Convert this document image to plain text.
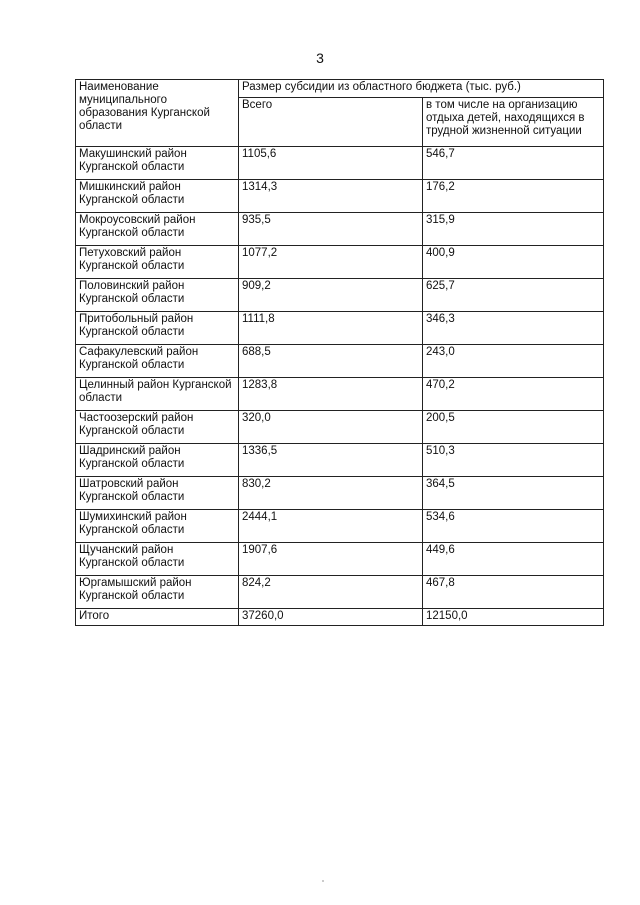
3
Наименование муниципального образования Курганской области	Размер субсидии из областного бюджета (тыс. руб.)	
	Всего	в том числе на организацию отдыха детей, находящихся в трудной жизненной ситуации
Макушинский район Курганской области	1105,6	546,7
Мишкинский район Курганской области	1314,3	176,2
Мокроусовский район Курганской области	935,5	315,9
Петуховский район Курганской области	1077,2	400,9
Половинский район Курганской области	909,2	625,7
Притобольный район Курганской области	1111,8	346,3
Сафакулевский район Курганской области	688,5	243,0
Целинный район Курганской области	1283,8	470,2
Частоозерский район Курганской области	320,0	200,5
Шадринский район Курганской области	1336,5	510,3
Шатровский район Курганской области	830,2	364,5
Шумихинский район Курганской области	2444,1	534,6
Щучанский район Курганской области	1907,6	449,6
Юргамышский район Курганской области	824,2	467,8
Итого	37260,0	12150,0
